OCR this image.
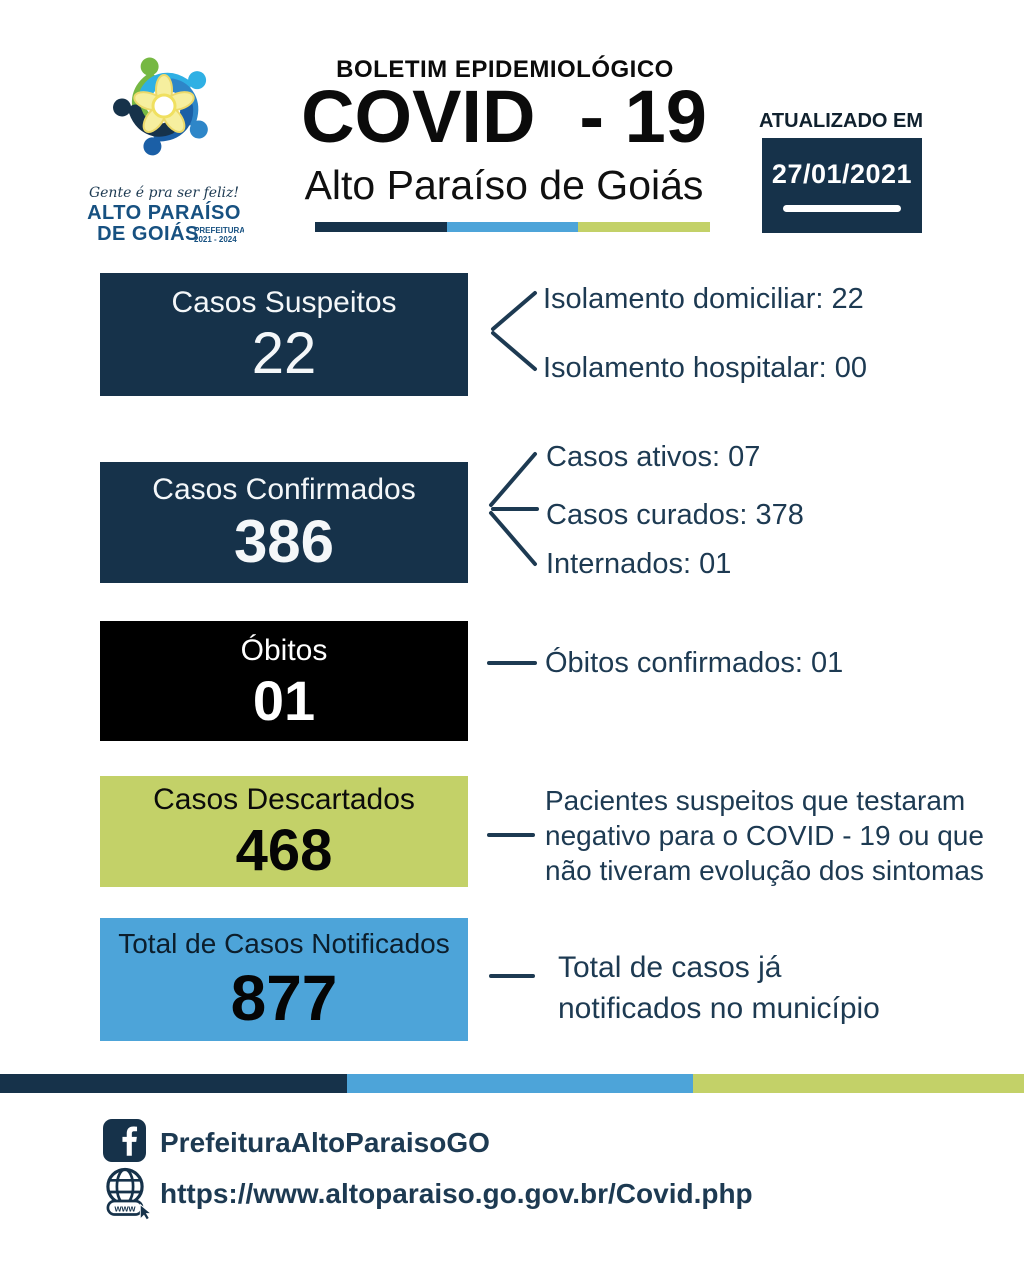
Gente é pra ser feliz!
ALTO PARAÍSO
DE GOIÁS
PREFEITURA
2021 - 2024
BOLETIM EPIDEMIOLÓGICO
COVID - 19
Alto Paraíso de Goiás
ATUALIZADO EM
27/01/2021
Casos Suspeitos
22
Casos Confirmados
386
Óbitos
01
Casos Descartados
468
Total de Casos Notificados
877
Isolamento domiciliar: 22
Isolamento hospitalar: 00
Casos ativos: 07
Casos curados: 378
Internados: 01
Óbitos confirmados: 01
Pacientes suspeitos que testaram negativo para o COVID - 19 ou que não tiveram evolução dos sintomas
Total de casos já notificados no município
PrefeituraAltoParaisoGO
www https://www.altoparaiso.go.gov.br/Covid.php
